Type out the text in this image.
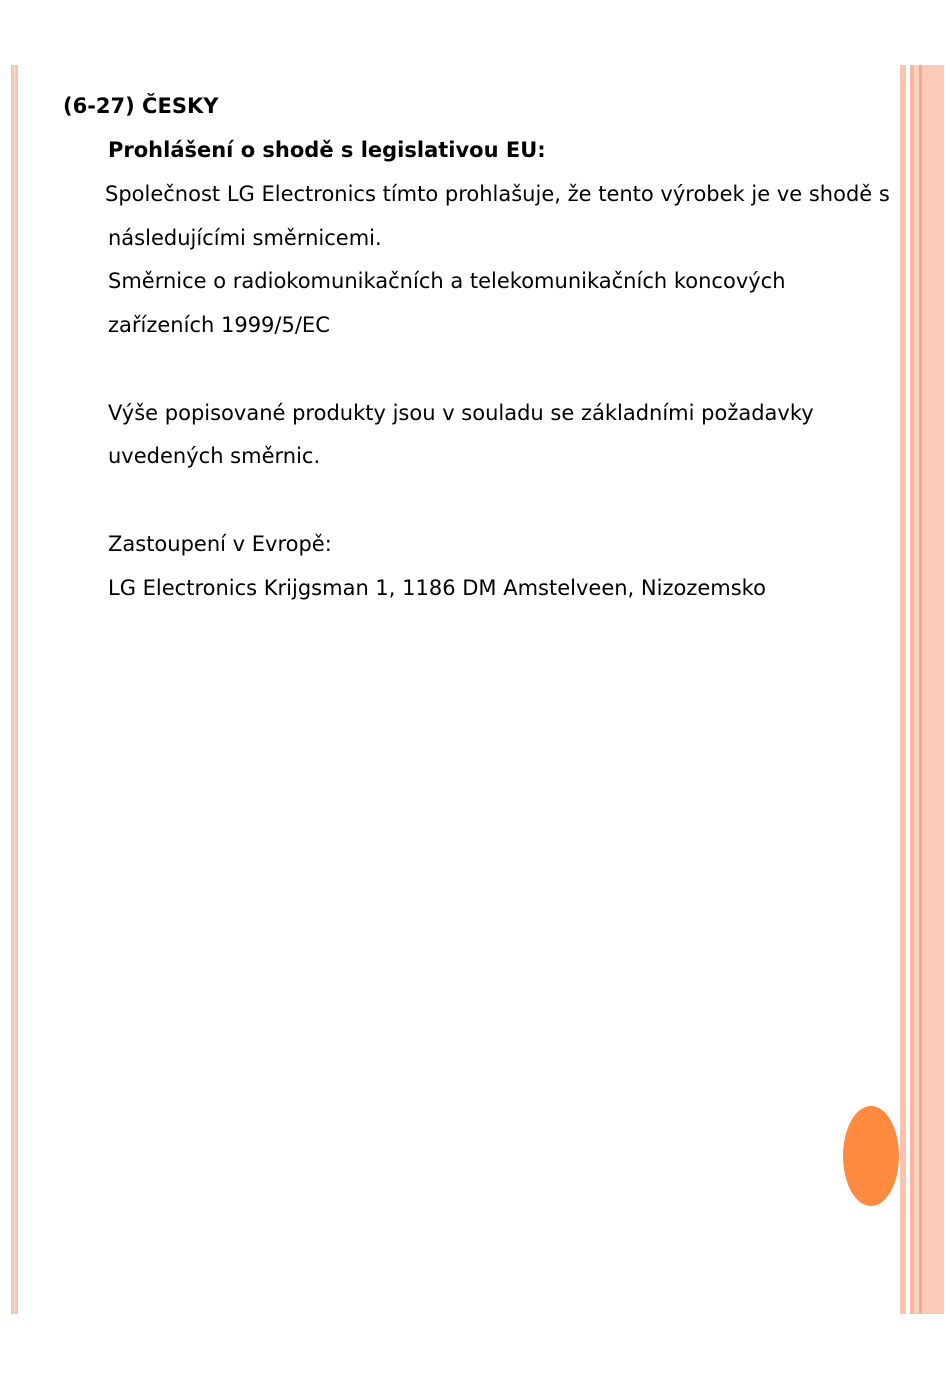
(6-27) ČESKY
Prohlášení o shodě s legislativou EU:

Společnost LG Electronics tímto prohlašuje, že tento výrobek je ve shodě s

následujícími směrnicemi.

Směrnice o radiokomunikačních a telekomunikačních koncových

zařízeních 1999/5/EC

Výše popisované produkty jsou v souladu se základními požadavky

uvedených směrnic.

Zastoupení v Evropě:

LG Electronics Krijgsman 1, 1186 DM Amstelveen, Nizozemsko
